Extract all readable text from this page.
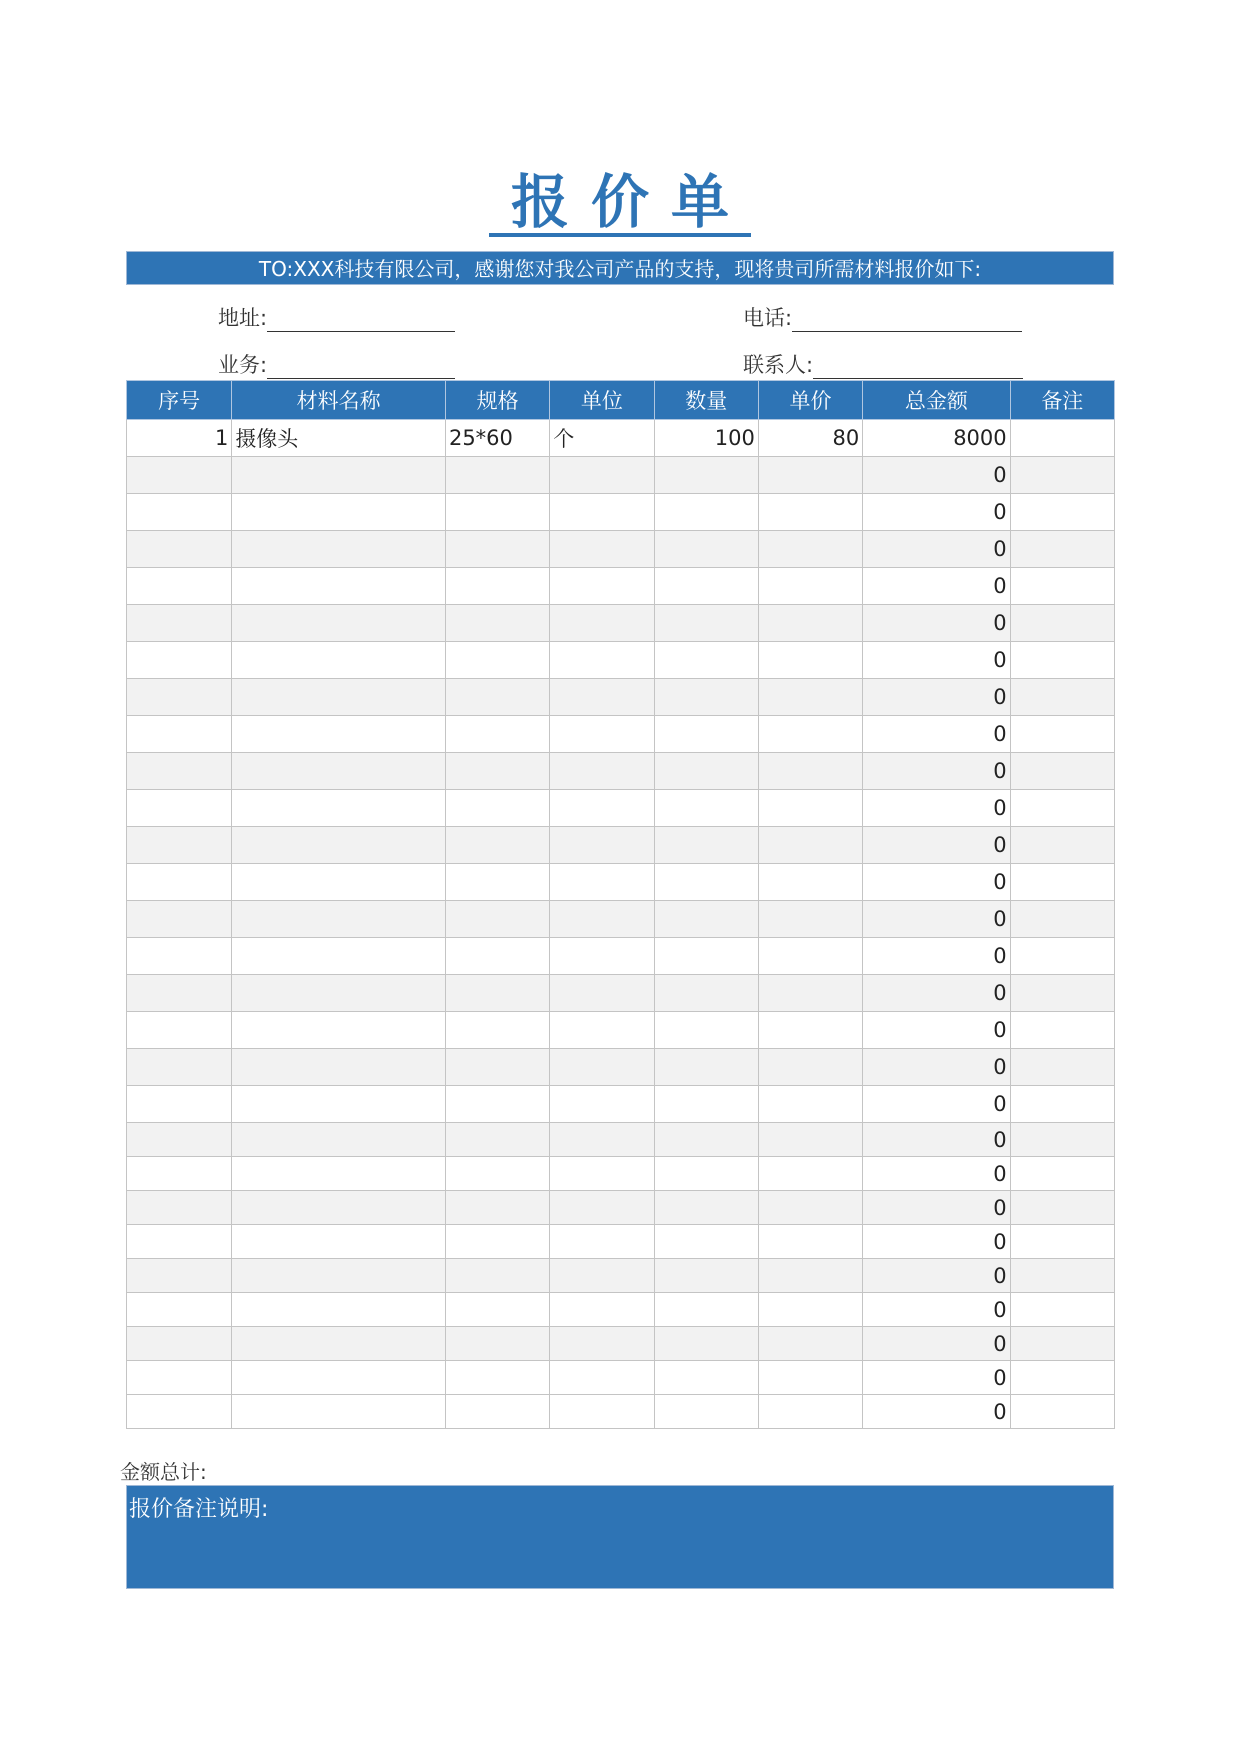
报价单
TO:XXX科技有限公司，感谢您对我公司产品的支持，现将贵司所需材料报价如下:
地址:	电话:
业务:	联系人:
序号	材料名称	规格	单位	数量	单价	总金额	备注
1	摄像头	25*60	个	100	80	8000	
						0	
						0	
						0	
						0	
						0	
						0	
						0	
						0	
						0	
						0	
						0	
						0	
						0	
						0	
						0	
						0	
						0	
						0	
						0	
						0	
						0	
						0	
						0	
						0	
						0	
						0	
						0	
金额总计:
报价备注说明:
